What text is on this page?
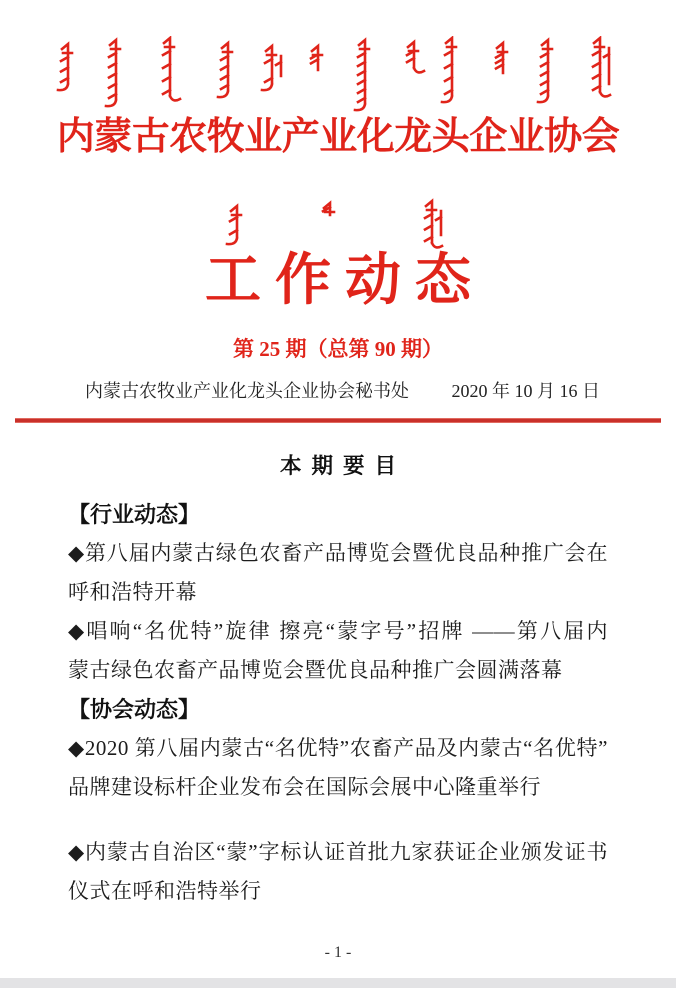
内蒙古农牧业产业化龙头企业协会
工作动态
第 25 期（总第 90 期）
内蒙古农牧业产业化龙头企业协会秘书处 2020 年 10 月 16 日
本期要目
【行业动态】
◆第八届内蒙古绿色农畜产品博览会暨优良品种推广会在
呼和浩特开幕
◆唱响“名优特”旋律 擦亮“蒙字号”招牌 ——第八届内
蒙古绿色农畜产品博览会暨优良品种推广会圆满落幕
【协会动态】
◆2020 第八届内蒙古“名优特”农畜产品及内蒙古“名优特”
品牌建设标杆企业发布会在国际会展中心隆重举行
◆内蒙古自治区“蒙”字标认证首批九家获证企业颁发证书
仪式在呼和浩特举行
- 1 -
